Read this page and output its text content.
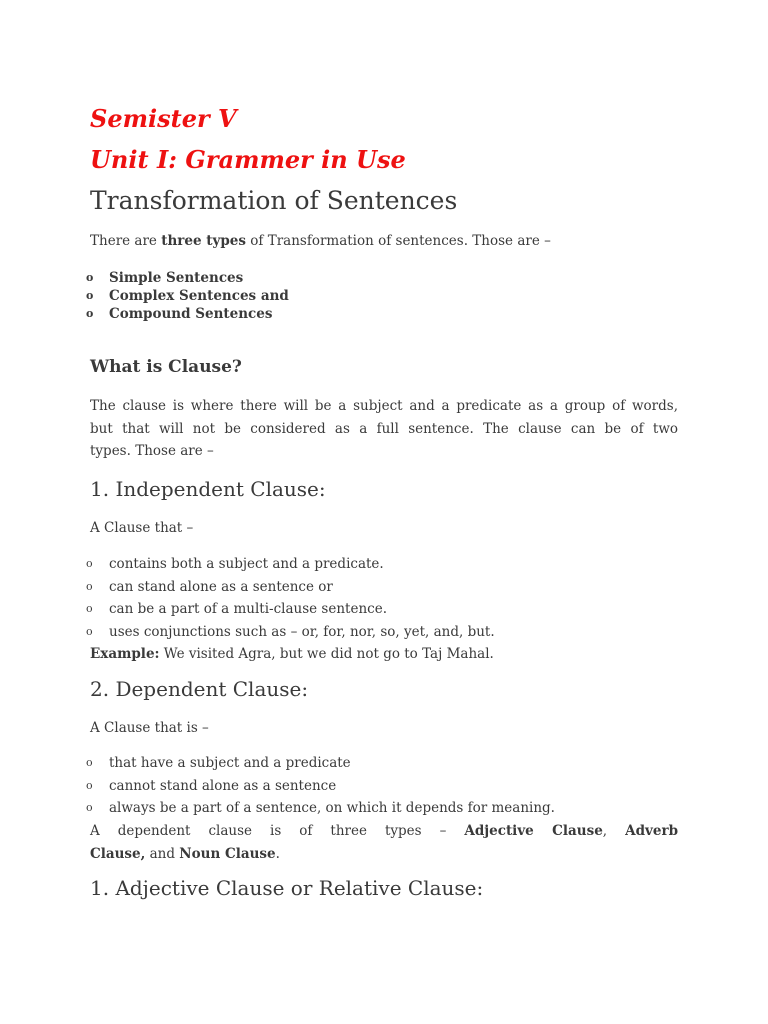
Semister V
Unit I: Grammer in Use
Transformation of Sentences

There are three types of Transformation of sentences. Those are –

o Simple Sentences
o Complex Sentences and
o Compound Sentences
What is Clause?

The clause is where there will be a subject and a predicate as a group of words,

but that will not be considered as a full sentence. The clause can be of two

types. Those are –

1. Independent Clause:

A Clause that –

o contains both a subject and a predicate.
o can stand alone as a sentence or
o can be a part of a multi-clause sentence.
o uses conjunctions such as – or, for, nor, so, yet, and, but.

Example: We visited Agra, but we did not go to Taj Mahal.

2. Dependent Clause:

A Clause that is –

o that have a subject and a predicate
o cannot stand alone as a sentence
o always be a part of a sentence, on which it depends for meaning.

A dependent clause is of three types – Adjective Clause, Adverb

Clause, and Noun Clause.

1. Adjective Clause or Relative Clause:
